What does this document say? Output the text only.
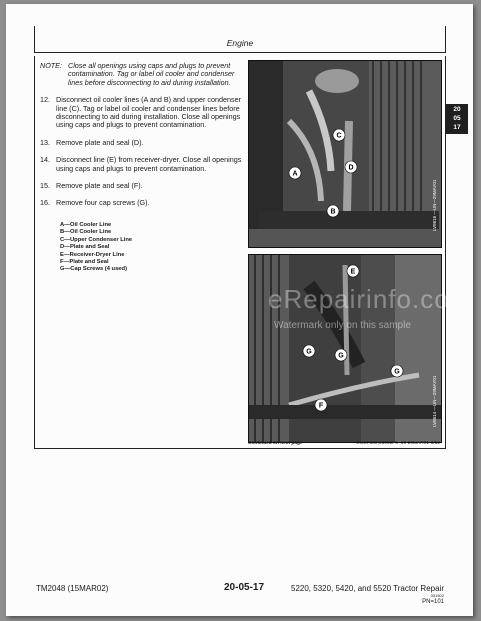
Engine
20
05
17
NOTE: Close all openings using caps and plugs to prevent contamination. Tag or label oil cooler and condenser lines before disconnecting to aid during installation.
12. Disconnect oil cooler lines (A and B) and upper condenser line (C). Tag or label oil cooler and condenser lines before disconnecting to aid during installation. Close all openings using caps and plugs to prevent contamination.
13. Remove plate and seal (D).
14. Disconnect line (E) from receiver-dryer. Close all openings using caps and plugs to prevent contamination.
15. Remove plate and seal (F).
16. Remove four cap screws (G).
A—Oil Cooler Line
B—Oil Cooler Line
C—Upper Condenser Line
D—Plate and Seal
E—Receiver-Dryer Line
F—Plate and Seal
G—Cap Screws (4 used)
A
B
C
D
LV8616 —UN—29MAY01
E
G
G
G
F	LV8614 —UN—29MAY01
Continued on next page	OUCF089,00002F6 -19-29MAR01-3/12
eRepairinfo.com
Watermark only on this sample
TM2048 (15MAR02)	20-05-17	5220, 5320, 5420, and 5520 Tractor Repair
051502
PN=101
